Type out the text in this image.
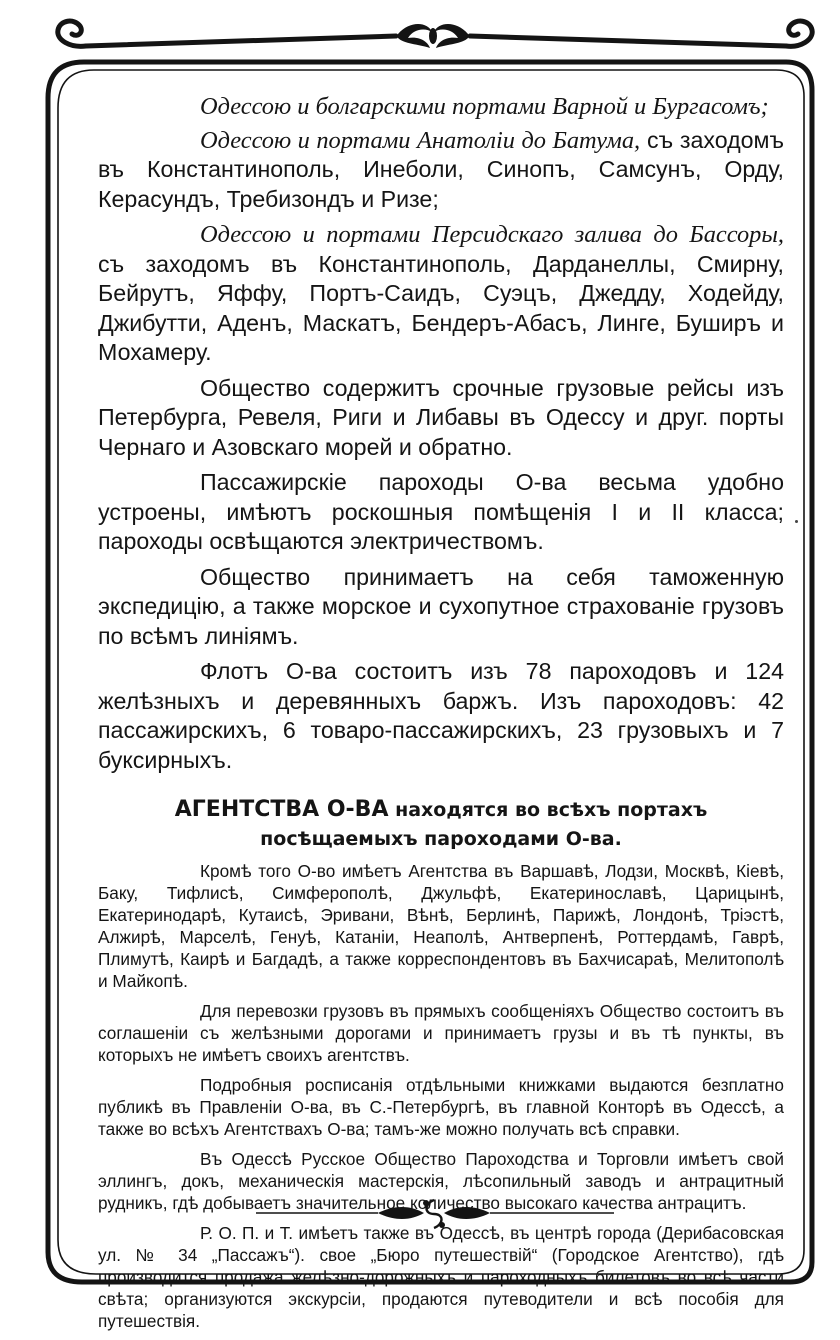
Одессою и болгарскими портами Варной и Бургасомъ;

Одессою и портами Анатоліи до Батума, съ заходомъ въ Константинополь, Инеболи, Синопъ, Самсунъ, Орду, Керасундъ, Требизондъ и Ризе;

Одессою и портами Персидскаго залива до Бассоры, съ заходомъ въ Константинополь, Дарданеллы, Смирну, Бейрутъ, Яффу, Портъ-Саидъ, Суэцъ, Джедду, Ходейду, Джибутти, Аденъ, Маскатъ, Бендеръ-Абасъ, Линге, Буширъ и Мохамеру.

Общество содержитъ срочные грузовые рейсы изъ Петербурга, Ревеля, Риги и Либавы въ Одессу и друг. порты Чернаго и Азовскаго морей и обратно.

Пассажирскіе пароходы О-ва весьма удобно устроены, имѣютъ роскошныя помѣщенія I и II класса; пароходы освѣщаются электричествомъ.

Общество принимаетъ на себя таможенную экспедицію, а также морское и сухопутное страхованіе грузовъ по всѣмъ линіямъ.

Флотъ О-ва состоитъ изъ 78 пароходовъ и 124 желѣзныхъ и деревянныхъ баржъ. Изъ пароходовъ: 42 пассажирскихъ, 6 товаро-пассажирскихъ, 23 грузовыхъ и 7 буксирныхъ.

АГЕНТСТВА О-ВА находятся во всѣхъ портахъ посѣщаемыхъ пароходами О-ва.

Кромѣ того О-во имѣетъ Агентства въ Варшавѣ, Лодзи, Москвѣ, Кіевѣ, Баку, Тифлисѣ, Симферополѣ, Джульфѣ, Екатеринославѣ, Царицынѣ, Екатеринодарѣ, Кутаисѣ, Эривани, Вѣнѣ, Берлинѣ, Парижѣ, Лондонѣ, Тріэстѣ, Алжирѣ, Марселѣ, Генуѣ, Катаніи, Неаполѣ, Антверпенѣ, Роттердамѣ, Гаврѣ, Плимутѣ, Каирѣ и Багдадѣ, а также корреспондентовъ въ Бахчисараѣ, Мелитополѣ и Майкопѣ.

Для перевозки грузовъ въ прямыхъ сообщеніяхъ Общество состоитъ въ соглашеніи съ желѣзными дорогами и принимаетъ грузы и въ тѣ пункты, въ которыхъ не имѣетъ своихъ агентствъ.

Подробныя росписанія отдѣльными книжками выдаются безплатно публикѣ въ Правленіи О-ва, въ С.-Петербургѣ, въ главной Конторѣ въ Одессѣ, а также во всѣхъ Агентствахъ О-ва; тамъ-же можно получать всѣ справки.

Въ Одессѣ Русское Общество Пароходства и Торговли имѣетъ свой эллингъ, докъ, механическія мастерскія, лѣсопильный заводъ и антрацитный рудникъ, гдѣ добываетъ значительное количество высокаго качества антрацитъ.

Р. О. П. и Т. имѣетъ также въ Одессѣ, въ центрѣ города (Дерибасовская ул. № 34 „Пассажъ“). свое „Бюро путешествій“ (Городское Агентство), гдѣ производится продажа желѣзно-дорожныхъ и пароходныхъ билетовъ во всѣ части свѣта; организуются экскурсіи, продаются путеводители и всѣ пособія для путешествія.
